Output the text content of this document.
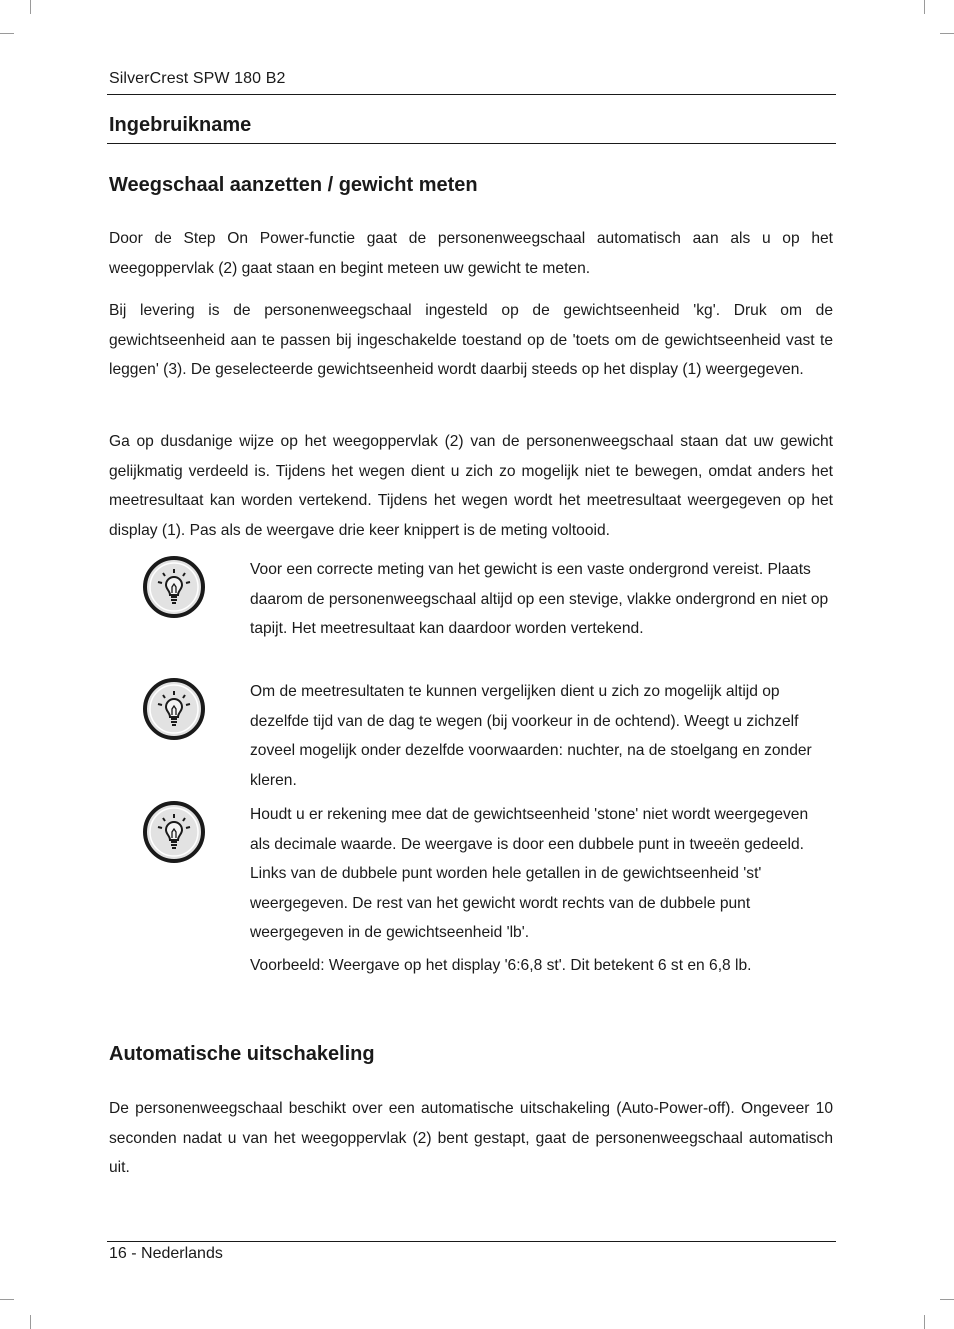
SilverCrest SPW 180 B2
Ingebruikname
Weegschaal aanzetten / gewicht meten

Door de Step On Power-functie gaat de personenweegschaal automatisch aan als u op het weegoppervlak (2) gaat staan en begint meteen uw gewicht te meten.

Bij levering is de personenweegschaal ingesteld op de gewichtseenheid 'kg'. Druk om de gewichtseenheid aan te passen bij ingeschakelde toestand op de 'toets om de gewichtseenheid vast te leggen' (3). De geselecteerde gewichtseenheid wordt daarbij steeds op het display (1) weergegeven.

Ga op dusdanige wijze op het weegoppervlak (2) van de personenweegschaal staan dat uw gewicht gelijkmatig verdeeld is. Tijdens het wegen dient u zich zo mogelijk niet te bewegen, omdat anders het meetresultaat kan worden vertekend. Tijdens het wegen wordt het meetresultaat weergegeven op het display (1). Pas als de weergave drie keer knippert is de meting voltooid.

Voor een correcte meting van het gewicht is een vaste ondergrond vereist. Plaats daarom de personenweegschaal altijd op een stevige, vlakke ondergrond en niet op tapijt. Het meetresultaat kan daardoor worden vertekend.

Om de meetresultaten te kunnen vergelijken dient u zich zo mogelijk altijd op dezelfde tijd van de dag te wegen (bij voorkeur in de ochtend). Weegt u zichzelf zoveel mogelijk onder dezelfde voorwaarden: nuchter, na de stoelgang en zonder kleren.

Houdt u er rekening mee dat de gewichtseenheid 'stone' niet wordt weergegeven als decimale waarde. De weergave is door een dubbele punt in tweeën gedeeld. Links van de dubbele punt worden hele getallen in de gewichtseenheid 'st' weergegeven. De rest van het gewicht wordt rechts van de dubbele punt weergegeven in de gewichtseenheid 'lb'.

Voorbeeld: Weergave op het display '6:6,8 st'. Dit betekent 6 st en 6,8 lb.

Automatische uitschakeling

De personenweegschaal beschikt over een automatische uitschakeling (Auto-Power-off). Ongeveer 10 seconden nadat u van het weegoppervlak (2) bent gestapt, gaat de personenweegschaal automatisch uit.

16 - Nederlands
